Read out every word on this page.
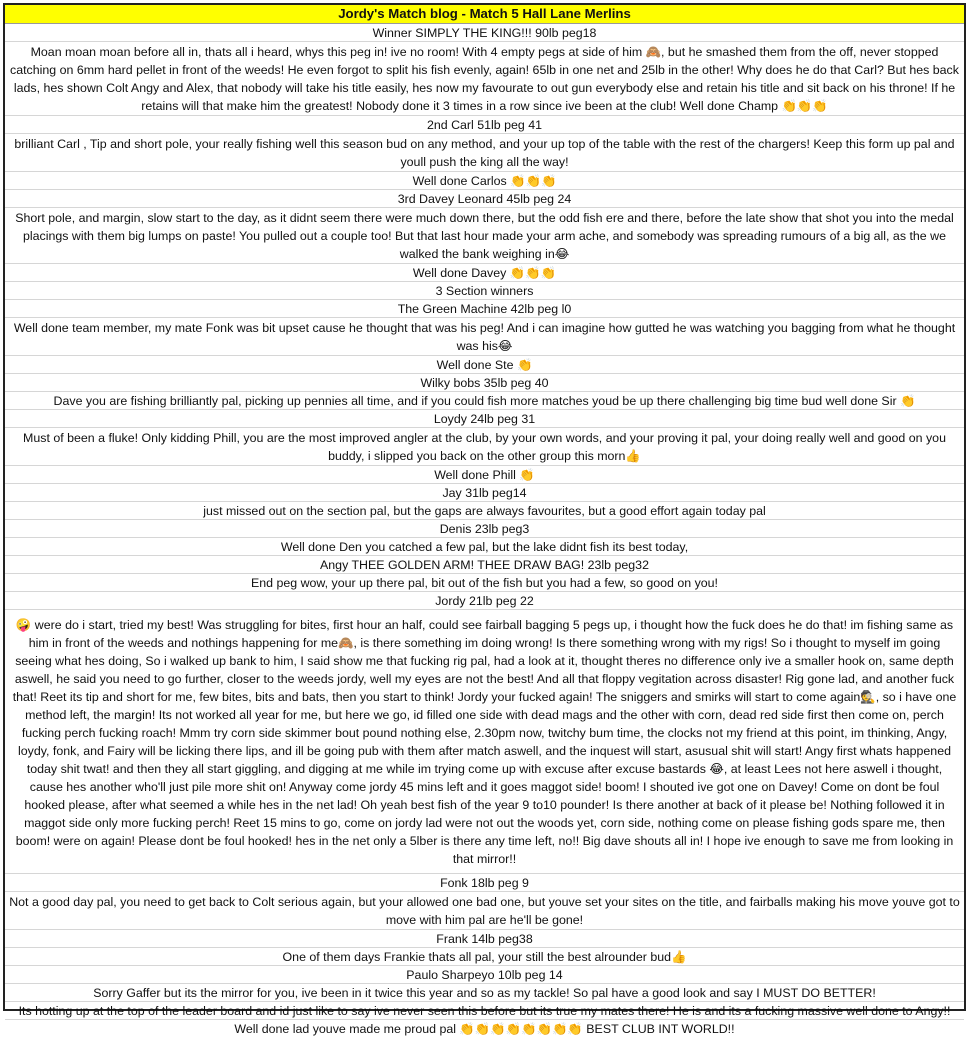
Jordy's Match blog - Match 5 Hall Lane Merlins
Winner SIMPLY THE KING!!! 90lb peg18
Moan moan moan before all in, thats all i heard, whys this peg in! ive no room! With 4 empty pegs at side of him 🙈, but he smashed them from the off, never stopped catching on 6mm hard pellet in front of the weeds! He even forgot to split his fish evenly, again! 65lb in one net and 25lb in the other! Why does he do that Carl? But hes back lads, hes shown Colt Angy and Alex, that nobody will take his title easily, hes now my favourate to out gun everybody else and retain his title and sit back on his throne! If he retains will that make him the greatest! Nobody done it 3 times in a row since ive been at the club! Well done Champ 👏👏👏
2nd Carl 51lb peg 41
brilliant Carl , Tip and short pole, your really fishing well this season bud on any method, and your up top of the table with the rest of the chargers! Keep this form up pal and youll push the king all the way!
Well done Carlos 👏👏👏
3rd Davey Leonard 45lb peg 24
Short pole, and margin, slow start to the day, as it didnt seem there were much down there, but the odd fish ere and there, before the late show that shot you into the medal placings with them big lumps on paste! You pulled out a couple too! But that last hour made your arm ache, and somebody was spreading rumours of a big all, as the we walked the bank weighing in😂
Well done Davey 👏👏👏
3 Section winners
The Green Machine 42lb peg l0
Well done team member, my mate Fonk was bit upset cause he thought that was his peg! And i can imagine how gutted he was watching you bagging from what he thought was his😂
Well done Ste 👏
Wilky bobs 35lb peg 40
Dave you are fishing brilliantly pal, picking up pennies all time, and if you could fish more matches youd be up there challenging big time bud well done Sir 👏
Loydy 24lb peg 31
Must of been a fluke! Only kidding Phill, you are the most improved angler at the club, by your own words, and your proving it pal, your doing really well and good on you buddy, i slipped you back on the other group this morn👍
Well done Phill 👏
Jay 31lb peg14
just missed out on the section pal, but the gaps are always favourites, but a good effort again today pal
Denis 23lb peg3
Well done Den you catched a few pal, but the lake didnt fish its best today,
Angy THEE GOLDEN ARM! THEE DRAW BAG! 23lb peg32
End peg wow, your up there pal, bit out of the fish but you had a few, so good on you!
Jordy 21lb peg 22
🤪 were do i start, tried my best! Was struggling for bites, first hour an half, could see fairball bagging 5 pegs up, i thought how the fuck does he do that! im fishing same as him in front of the weeds and nothings happening for me🙈, is there something im doing wrong! Is there something wrong with my rigs! So i thought to myself im going seeing what hes doing, So i walked up bank to him, I said show me that fucking rig pal, had a look at it, thought theres no difference only ive a smaller hook on, same depth aswell, he said you need to go further, closer to the weeds jordy, well my eyes are not the best! And all that floppy vegitation across disaster! Rig gone lad, and another fuck that! Reet its tip and short for me, few bites, bits and bats, then you start to think! Jordy your fucked again! The sniggers and smirks will start to come again🕵, so i have one method left, the margin! Its not worked all year for me, but here we go, id filled one side with dead mags and the other with corn, dead red side first then come on, perch fucking perch fucking roach! Mmm try corn side skimmer bout pound nothing else, 2.30pm now, twitchy bum time, the clocks not my friend at this point, im thinking, Angy, loydy, fonk, and Fairy will be licking there lips, and ill be going pub with them after match aswell, and the inquest will start, asusual shit will start! Angy first whats happened today shit twat! and then they all start giggling, and digging at me while im trying come up with excuse after excuse bastards 😂, at least Lees not here aswell i thought, cause hes another who'll just pile more shit on! Anyway come jordy 45 mins left and it goes maggot side! boom! I shouted ive got one on Davey! Come on dont be foul hooked please, after what seemed a while hes in the net lad! Oh yeah best fish of the year 9 to10 pounder! Is there another at back of it please be! Nothing followed it in maggot side only more fucking perch! Reet 15 mins to go, come on jordy lad were not out the woods yet, corn side, nothing come on please fishing gods spare me, then boom! were on again! Please dont be foul hooked! hes in the net only a 5lber is there any time left, no!! Big dave shouts all in! I hope ive enough to save me from looking in that mirror!!
Fonk 18lb peg 9
Not a good day pal, you need to get back to Colt serious again, but your allowed one bad one, but youve set your sites on the title, and fairballs making his move youve got to move with him pal are he'll be gone!
Frank 14lb peg38
One of them days Frankie thats all pal, your still the best alrounder bud👍
Paulo Sharpeyo 10lb peg 14
Sorry Gaffer but its the mirror for you, ive been in it twice this year and so as my tackle! So pal have a good look and say I MUST DO BETTER!
Its hotting up at the top of the leader board and id just like to say ive never seen this before but its true my mates there! He is and its a fucking massive well done to Angy!!
Well done lad youve made me proud pal 👏👏👏👏👏👏👏👏 BEST CLUB INT WORLD!!
